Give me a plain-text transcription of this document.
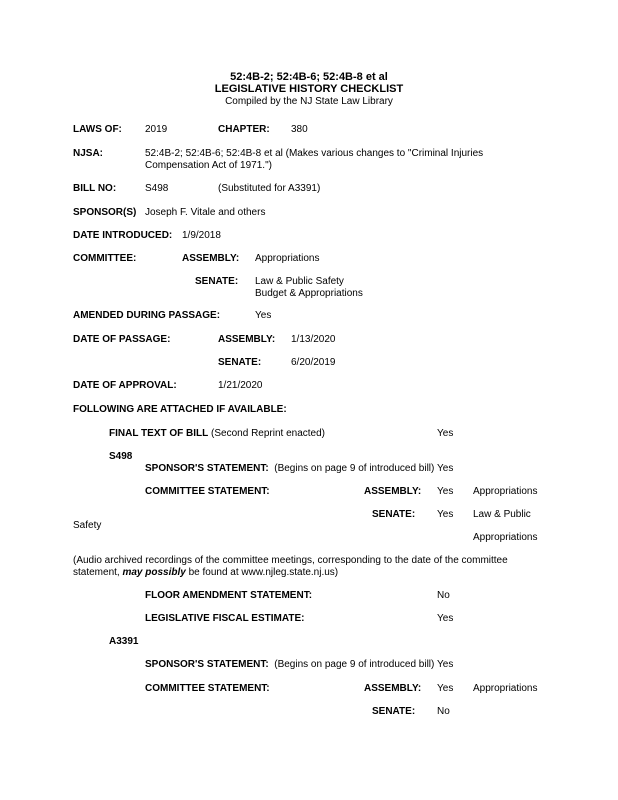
52:4B-2; 52:4B-6; 52:4B-8 et al
LEGISLATIVE HISTORY CHECKLIST
Compiled by the NJ State Law Library
LAWS OF: 2019	CHAPTER: 380
NJSA:	52:4B-2; 52:4B-6; 52:4B-8 et al (Makes various changes to "Criminal Injuries Compensation Act of 1971.")
BILL NO:	S498	(Substituted for A3391)
SPONSOR(S) Joseph F. Vitale and others
DATE INTRODUCED: 1/9/2018
COMMITTEE:	ASSEMBLY: Appropriations
SENATE: Law & Public Safety
Budget & Appropriations
AMENDED DURING PASSAGE:	Yes
DATE OF PASSAGE:	ASSEMBLY: 1/13/2020
SENATE:	6/20/2019
DATE OF APPROVAL:	1/21/2020
FOLLOWING ARE ATTACHED IF AVAILABLE:
FINAL TEXT OF BILL (Second Reprint enacted)	Yes
S498
SPONSOR'S STATEMENT: (Begins on page 9 of introduced bill) Yes
COMMITTEE STATEMENT:	ASSEMBLY: Yes Appropriations
SENATE: Yes Law & Public
Safety
Appropriations
(Audio archived recordings of the committee meetings, corresponding to the date of the committee
statement, may possibly be found at www.njleg.state.nj.us)
FLOOR AMENDMENT STATEMENT:	No
LEGISLATIVE FISCAL ESTIMATE:	Yes
A3391
SPONSOR'S STATEMENT: (Begins on page 9 of introduced bill) Yes
COMMITTEE STATEMENT:	ASSEMBLY: Yes Appropriations
SENATE: No
